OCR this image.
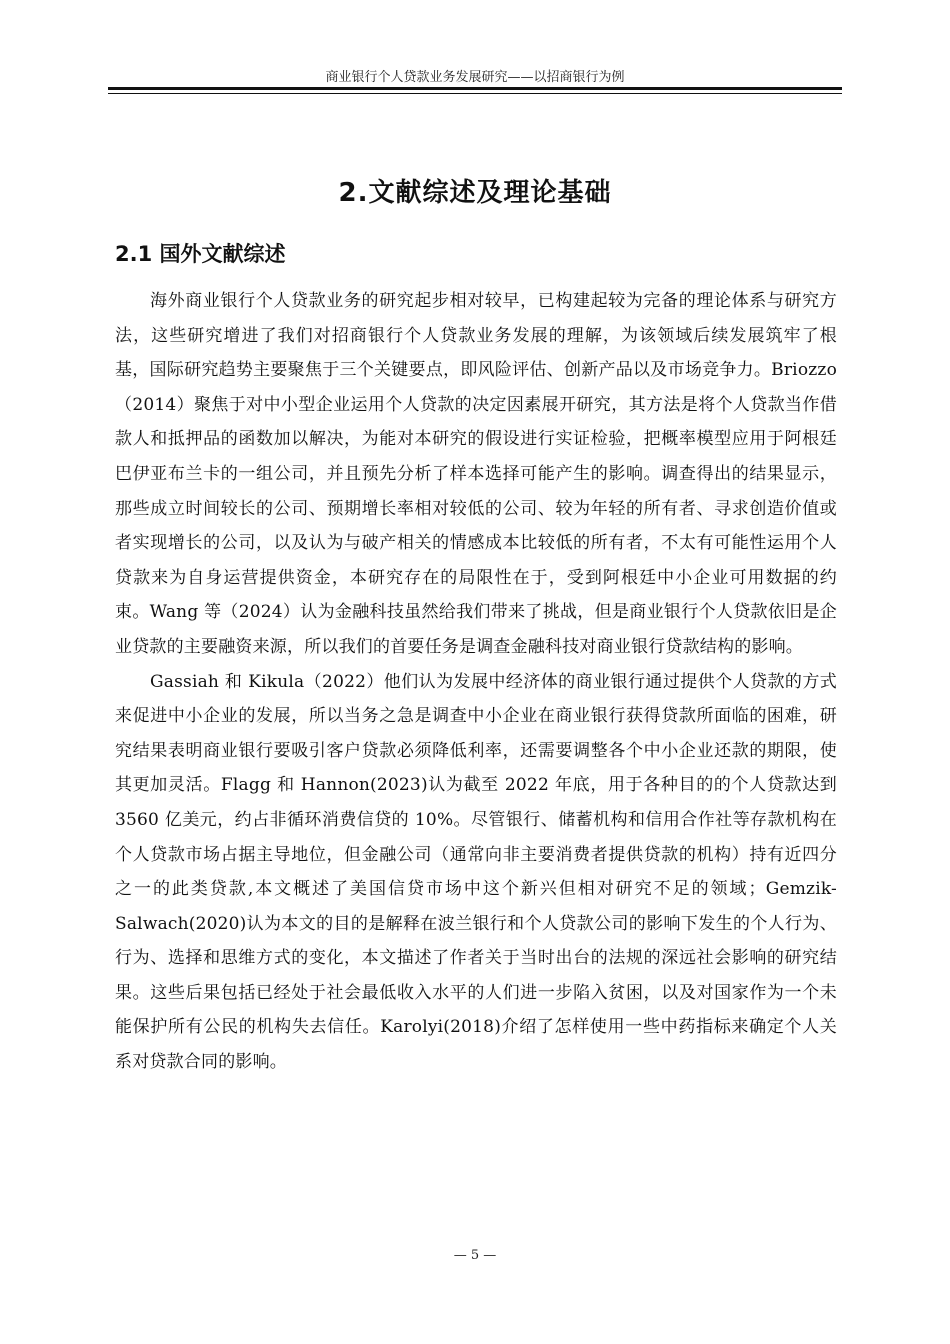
商业银行个人贷款业务发展研究——以招商银行为例
2.文献综述及理论基础
2.1 国外文献综述

海外商业银行个人贷款业务的研究起步相对较早，已构建起较为完备的理论体系与研究方法，这些研究增进了我们对招商银行个人贷款业务发展的理解，为该领域后续发展筑牢了根基，国际研究趋势主要聚焦于三个关键要点，即风险评估、创新产品以及市场竞争力。Briozzo（2014）聚焦于对中小型企业运用个人贷款的决定因素展开研究，其方法是将个人贷款当作借款人和抵押品的函数加以解决，为能对本研究的假设进行实证检验，把概率模型应用于阿根廷巴伊亚布兰卡的一组公司，并且预先分析了样本选择可能产生的影响。调查得出的结果显示，那些成立时间较长的公司、预期增长率相对较低的公司、较为年轻的所有者、寻求创造价值或者实现增长的公司，以及认为与破产相关的情感成本比较低的所有者，不太有可能性运用个人贷款来为自身运营提供资金，本研究存在的局限性在于，受到阿根廷中小企业可用数据的约束。Wang 等（2024）认为金融科技虽然给我们带来了挑战，但是商业银行个人贷款依旧是企业贷款的主要融资来源，所以我们的首要任务是调查金融科技对商业银行贷款结构的影响。

Gassiah 和 Kikula（2022）他们认为发展中经济体的商业银行通过提供个人贷款的方式来促进中小企业的发展，所以当务之急是调查中小企业在商业银行获得贷款所面临的困难，研究结果表明商业银行要吸引客户贷款必须降低利率，还需要调整各个中小企业还款的期限，使其更加灵活。Flagg 和 Hannon(2023)认为截至 2022 年底，用于各种目的的个人贷款达到 3560 亿美元，约占非循环消费信贷的 10%。尽管银行、储蓄机构和信用合作社等存款机构在个人贷款市场占据主导地位，但金融公司（通常向非主要消费者提供贷款的机构）持有近四分之一的此类贷款,本文概述了美国信贷市场中这个新兴但相对研究不足的领域；Gemzik-Salwach(2020)认为本文的目的是解释在波兰银行和个人贷款公司的影响下发生的个人行为、行为、选择和思维方式的变化，本文描述了作者关于当时出台的法规的深远社会影响的研究结果。这些后果包括已经处于社会最低收入水平的人们进一步陷入贫困，以及对国家作为一个未能保护所有公民的机构失去信任。Karolyi(2018)介绍了怎样使用一些中药指标来确定个人关系对贷款合同的影响。

— 5 —
